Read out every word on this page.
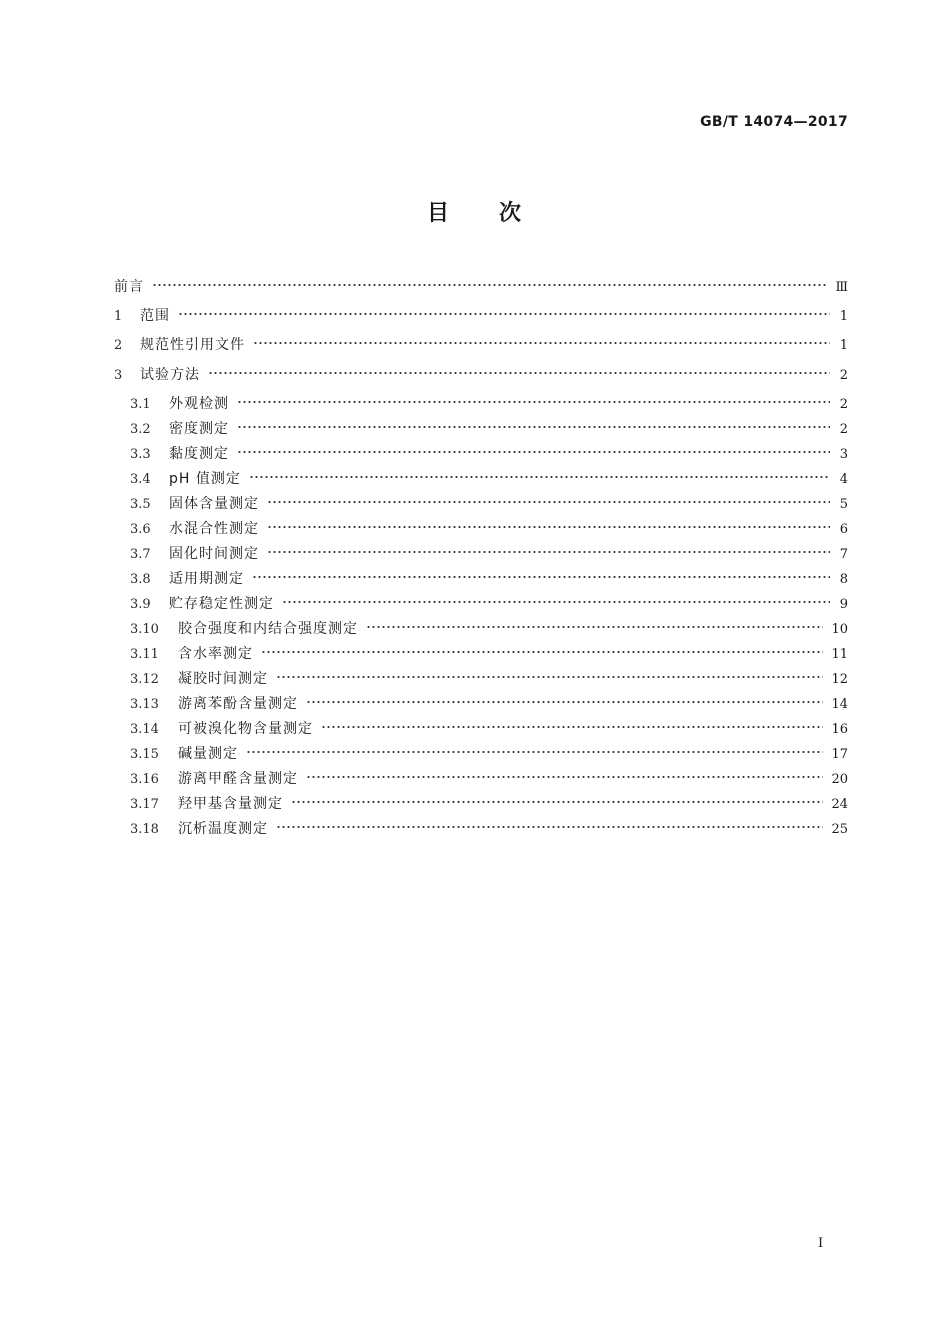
GB/T 14074—2017
目 次
前言	Ⅲ
1	范围	1
2	规范性引用文件	1
3	试验方法	2
3.1	外观检测	2
3.2	密度测定	2
3.3	黏度测定	3
3.4	pH 值测定	4
3.5	固体含量测定	5
3.6	水混合性测定	6
3.7	固化时间测定	7
3.8	适用期测定	8
3.9	贮存稳定性测定	9
3.10	胶合强度和内结合强度测定	10
3.11	含水率测定	11
3.12	凝胶时间测定	12
3.13	游离苯酚含量测定	14
3.14	可被溴化物含量测定	16
3.15	碱量测定	17
3.16	游离甲醛含量测定	20
3.17	羟甲基含量测定	24
3.18	沉析温度测定	25
I
